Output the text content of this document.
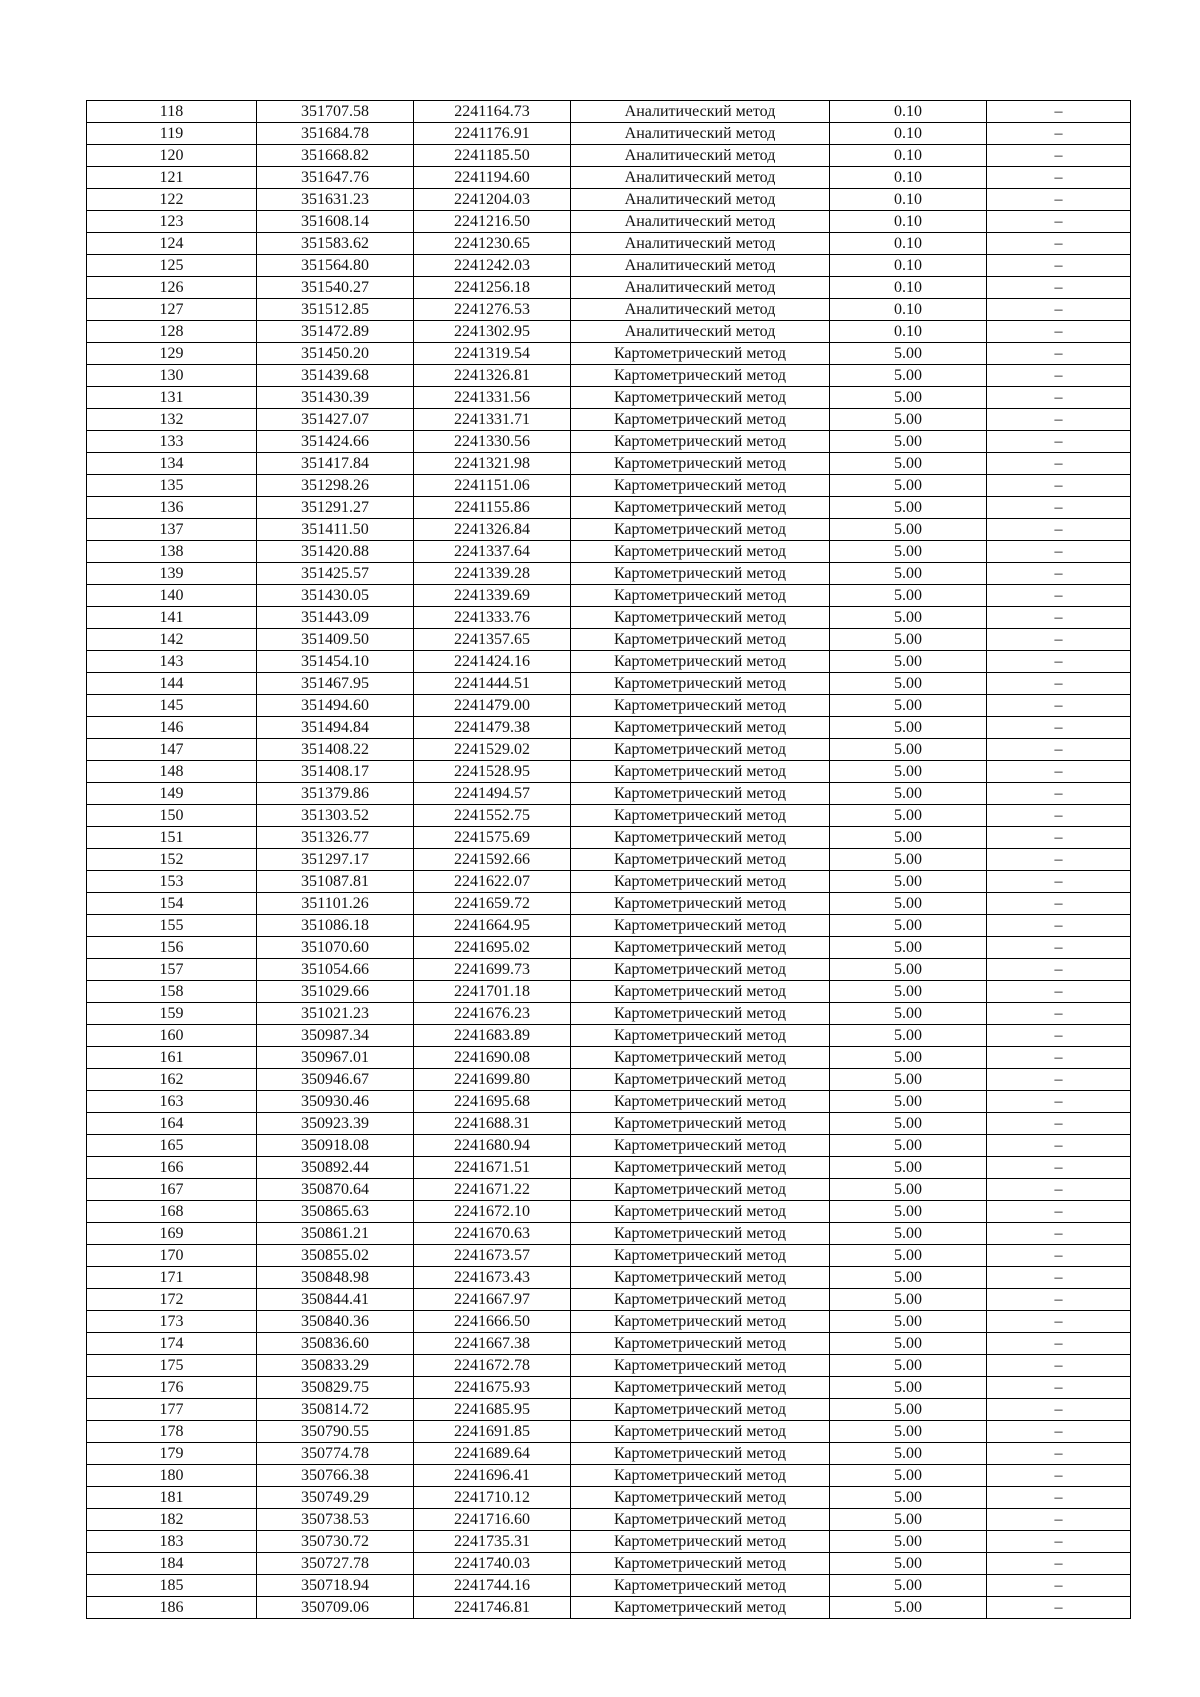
118	351707.58	2241164.73	Аналитический метод	0.10	–
119	351684.78	2241176.91	Аналитический метод	0.10	–
120	351668.82	2241185.50	Аналитический метод	0.10	–
121	351647.76	2241194.60	Аналитический метод	0.10	–
122	351631.23	2241204.03	Аналитический метод	0.10	–
123	351608.14	2241216.50	Аналитический метод	0.10	–
124	351583.62	2241230.65	Аналитический метод	0.10	–
125	351564.80	2241242.03	Аналитический метод	0.10	–
126	351540.27	2241256.18	Аналитический метод	0.10	–
127	351512.85	2241276.53	Аналитический метод	0.10	–
128	351472.89	2241302.95	Аналитический метод	0.10	–
129	351450.20	2241319.54	Картометрический метод	5.00	–
130	351439.68	2241326.81	Картометрический метод	5.00	–
131	351430.39	2241331.56	Картометрический метод	5.00	–
132	351427.07	2241331.71	Картометрический метод	5.00	–
133	351424.66	2241330.56	Картометрический метод	5.00	–
134	351417.84	2241321.98	Картометрический метод	5.00	–
135	351298.26	2241151.06	Картометрический метод	5.00	–
136	351291.27	2241155.86	Картометрический метод	5.00	–
137	351411.50	2241326.84	Картометрический метод	5.00	–
138	351420.88	2241337.64	Картометрический метод	5.00	–
139	351425.57	2241339.28	Картометрический метод	5.00	–
140	351430.05	2241339.69	Картометрический метод	5.00	–
141	351443.09	2241333.76	Картометрический метод	5.00	–
142	351409.50	2241357.65	Картометрический метод	5.00	–
143	351454.10	2241424.16	Картометрический метод	5.00	–
144	351467.95	2241444.51	Картометрический метод	5.00	–
145	351494.60	2241479.00	Картометрический метод	5.00	–
146	351494.84	2241479.38	Картометрический метод	5.00	–
147	351408.22	2241529.02	Картометрический метод	5.00	–
148	351408.17	2241528.95	Картометрический метод	5.00	–
149	351379.86	2241494.57	Картометрический метод	5.00	–
150	351303.52	2241552.75	Картометрический метод	5.00	–
151	351326.77	2241575.69	Картометрический метод	5.00	–
152	351297.17	2241592.66	Картометрический метод	5.00	–
153	351087.81	2241622.07	Картометрический метод	5.00	–
154	351101.26	2241659.72	Картометрический метод	5.00	–
155	351086.18	2241664.95	Картометрический метод	5.00	–
156	351070.60	2241695.02	Картометрический метод	5.00	–
157	351054.66	2241699.73	Картометрический метод	5.00	–
158	351029.66	2241701.18	Картометрический метод	5.00	–
159	351021.23	2241676.23	Картометрический метод	5.00	–
160	350987.34	2241683.89	Картометрический метод	5.00	–
161	350967.01	2241690.08	Картометрический метод	5.00	–
162	350946.67	2241699.80	Картометрический метод	5.00	–
163	350930.46	2241695.68	Картометрический метод	5.00	–
164	350923.39	2241688.31	Картометрический метод	5.00	–
165	350918.08	2241680.94	Картометрический метод	5.00	–
166	350892.44	2241671.51	Картометрический метод	5.00	–
167	350870.64	2241671.22	Картометрический метод	5.00	–
168	350865.63	2241672.10	Картометрический метод	5.00	–
169	350861.21	2241670.63	Картометрический метод	5.00	–
170	350855.02	2241673.57	Картометрический метод	5.00	–
171	350848.98	2241673.43	Картометрический метод	5.00	–
172	350844.41	2241667.97	Картометрический метод	5.00	–
173	350840.36	2241666.50	Картометрический метод	5.00	–
174	350836.60	2241667.38	Картометрический метод	5.00	–
175	350833.29	2241672.78	Картометрический метод	5.00	–
176	350829.75	2241675.93	Картометрический метод	5.00	–
177	350814.72	2241685.95	Картометрический метод	5.00	–
178	350790.55	2241691.85	Картометрический метод	5.00	–
179	350774.78	2241689.64	Картометрический метод	5.00	–
180	350766.38	2241696.41	Картометрический метод	5.00	–
181	350749.29	2241710.12	Картометрический метод	5.00	–
182	350738.53	2241716.60	Картометрический метод	5.00	–
183	350730.72	2241735.31	Картометрический метод	5.00	–
184	350727.78	2241740.03	Картометрический метод	5.00	–
185	350718.94	2241744.16	Картометрический метод	5.00	–
186	350709.06	2241746.81	Картометрический метод	5.00	–
